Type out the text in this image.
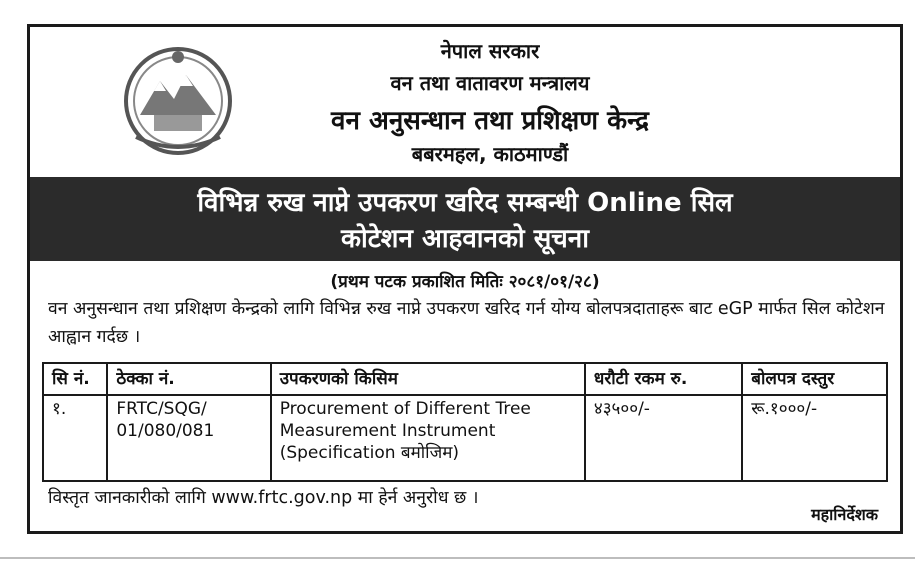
नेपाल सरकार
वन तथा वातावरण मन्त्रालय
वन अनुसन्धान तथा प्रशिक्षण केन्द्र
बबरमहल, काठमाण्डौं
विभिन्न रुख नाप्ने उपकरण खरिद सम्बन्धी Online सिल
कोटेशन आहवानको सूचना
(प्रथम पटक प्रकाशित मितिः २०८१/०१/२८)
वन अनुसन्धान तथा प्रशिक्षण केन्द्रको लागि विभिन्न रुख नाप्ने उपकरण खरिद गर्न योग्य बोलपत्रदाताहरू बाट eGP मार्फत सिल कोटेशन आह्वान गर्दछ ।
सि नं.	ठेक्का नं.	उपकरणको किसिम	धरौटी रकम रु.	बोलपत्र दस्तुर
१.	FRTC/SQG/ 01/080/081	Procurement of Different Tree Measurement Instrument (Specification बमोजिम)	४३५००/-	रू.१०००/-
विस्तृत जानकारीको लागि www.frtc.gov.np मा हेर्न अनुरोध छ ।
महानिर्देशक
